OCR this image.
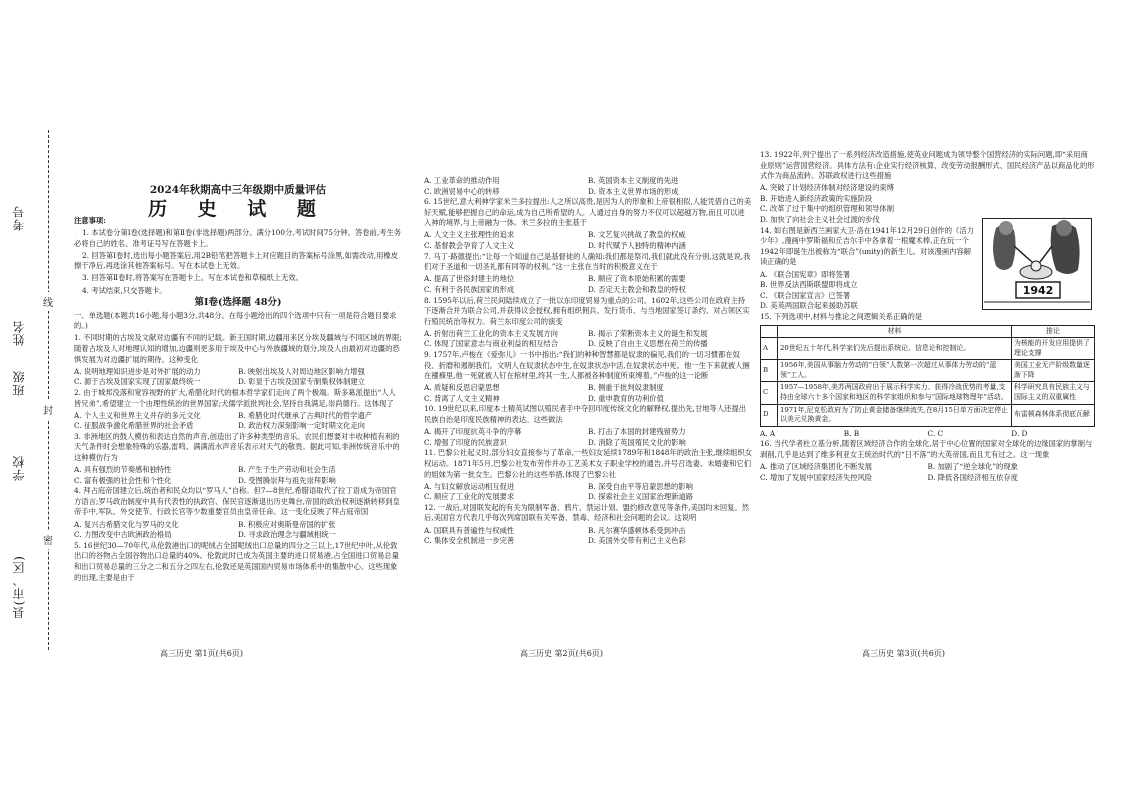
考号
姓名
班级
学校
县(市、区)
线
封
密
2024年秋期高中三年级期中质量评估
历 史 试 题

注意事项:

1. 本试卷分第Ⅰ卷(选择题)和第Ⅱ卷(非选择题)两部分。满分100分,考试时间75分钟。答卷前,考生务必将自己的姓名、准考证号写在答题卡上。

2. 回答第Ⅰ卷时,选出每小题答案后,用2B铅笔把答题卡上对应题目的答案标号涂黑,如需改动,用橡皮擦干净后,再选涂其他答案标号。写在本试卷上无效。

3. 回答第Ⅱ卷时,将答案写在答题卡上。写在本试卷和草稿纸上无效。

4. 考试结束,只交答题卡。

第Ⅰ卷(选择题 48分)

一、单选题(本题共16小题,每小题3分,共48分。在每小题给出的四个选项中只有一项是符合题目要求的。)

1. 不同时期的古埃及文献对边疆有不同的记载。新王国时期,边疆用来区分埃及疆域与不同区域的界限;随着古埃及人对地理认知的增加,边疆则更多用于埃及中心与外族疆域的划分,埃及人由最初对边疆的恐惧发展为对边疆扩展的期待。这种变化

A. 说明地理知识进步是对外扩展的动力	B. 映射出埃及人对周边地区影响力增强
C. 源于古埃及国家实现了国家最终统一	D. 彰显于古埃及国家专制集权体制建立

2. 由于城邦没落和宽容视野的扩大,希腊化时代的根本哲学家们走向了两个极端。斯多葛派提出“人人皆兄弟”,希望建立一个由理性统治的世界国家;犬儒学派批判社会,坚持自我满足,崇尚德行。这体现了

A. 个人主义和世界主义并存的多元文化	B. 希腊化时代继承了古典时代的哲学遗产
C. 征服战争激化希腊世界的社会矛盾	D. 政治权力深刻影响一定时期文化走向

3. 非洲地区的鼓人模仿和表达自然的声音,创造出了许多种类型的音乐。农民们想要对丰收种植有利的天气条件时会想象特殊的乐器,雷鸣、满满流水声音乐表示对天气的敬畏。据此可知,非洲传统音乐中的这种模仿行为

A. 具有强烈的节奏感和独特性	B. 产生于生产劳动和社会生活
C. 富有极强的社会性和个性化	D. 受图腾崇拜与祖先崇拜影响

4. 拜占庭帝国建立后,统治者和民众均以“罗马人”自称。但7—8世纪,希腊语取代了拉丁语成为帝国官方语言;罗马政治制度中具有代表性的执政官、保民官逐渐退出历史舞台,帝国的政治权利逐渐转移到皇帝手中,军队、外交使节、行政长官等少数重要官员由皇帝任命。这一变化反映了拜占庭帝国

A. 复兴古希腊文化与罗马的文化	B. 积极应对奥斯曼帝国的扩张
C. 力图改变中古欧洲政治格局	D. 寻求政治理念与疆域相统一

5. 16世纪30—70年代,从伦敦港出口的呢绒占全国呢绒出口总量的四分之三以上,17世纪中叶,从伦敦出口的谷物占全国谷物出口总量的40%。伦敦此时已成为英国主要的进口贸易港,占全国进口贸易总量和出口贸易总量的三分之二和五分之四左右,伦敦还是英国国内贸易市场体系中的集散中心。这些现象的出现,主要是由于

A. 工业革命的推动作用	B. 英国资本主义制度的先进
C. 欧洲贸易中心的转移	D. 资本主义世界市场的形成

6. 15世纪,意大利神学家米兰多拉提出:人之所以高贵,是因为人的形象和上帝很相似,人能凭借自己的美好天赋,能够把握自己的命运,成为自己所希望的人。人通过自身的努力不仅可以超越万物,而且可以进入神的境界,与上帝融为一体。米兰多拉的主张基于

A. 人文主义主张理性的追求	B. 文艺复兴挑战了教皇的权威
C. 基督教会孕育了人文主义	D. 时代赋予人独特的精神内涵

7. 马丁·路德提出:“让每一个知道自己是基督徒的人确知:我们都是祭司,我们就此没有分别,这就是说,我们对于圣道和一切圣礼都有同等的权利。”这一主张在当时的积极意义在于

A. 提高了世俗封建主的地位	B. 顺应了资本原始积累的需要
C. 有利于各民族国家的形成	D. 否定天主教会和教皇的特权

8. 1595年以后,荷兰民间陆续成立了一批以东印度贸易为重点的公司。1602年,这些公司在政府主持下逐渐合并为联合公司,并获得议会授权,拥有组织佣兵、发行货币、与当地国家签订条约、对占领区实行殖民统治等权力。荷兰东印度公司的演变

A. 折射出荷兰工业化的资本主义发展方向	B. 揭示了荣断资本主义的诞生和发展
C. 体现了国家意志与商业利益的相互结合	D. 反映了自由主义思想在荷兰的传播

9. 1757年,卢梭在《爱弥儿》一书中指出:“我们的种种智慧都是奴隶的偏见,我们的一切习惯都在奴役、折磨和遏制我们。文明人在奴隶状态中生,在奴隶状态中活,在奴隶状态中死。他一生下来就被人捆在襁褓里,他一死就被人钉在棺材里,终其一生,人都被各种制度所束缚着。”卢梭的这一论断

A. 质疑和反思启蒙思想	B. 侧重于批判奴隶制度
C. 背离了人文主义精神	D. 重申教育的功利价值

10. 19世纪以来,印度本土精英试图以殖民者手中夺回印度传统文化的解释权,提出先,甘地等人还提出民族自治是印度民族精神的表达。这些做法

A. 揭开了印度抗英斗争的序幕	B. 打击了本国的封建残留势力
C. 增强了印度的民族意识	D. 消除了英国殖民文化的影响

11. 巴黎公社起义时,部分妇女直接参与了革命,一些妇女延续1789年和1848年的政治主张,继续组织女权运动。1871年5月,巴黎公社发布劳作并办工艺美术女子职业学校的通告,并号召选妻、未婚妻和它们的姐妹为第一批女生。巴黎公社的这些举措,体现了巴黎公社

A. 与妇女解放运动相互促进	B. 深受自由平等启蒙思想的影响
C. 顺应了工业化的发展要求	D. 探索社会主义国家治理新道路

12. 一战后,对国联发起的有关为限制军备、鸦片、禁运计划、盟约修改意见等条件,美国均未回复。然后,美国官方代表几乎每次列席国联有关军备、禁毒、经济和社会问题的会议。这说明

A. 国联具有普遍性与权威性	B. 凡尔赛华盛顿体系受到冲击
C. 集体安全机制进一步完善	D. 美国外交带有利己主义色彩

13. 1922年,列宁提出了一系列经济改造措施,使英业问题成为领导整个国营经济的实际问题,即“采用商业原则”运营国营经济。具体方法有:企业实行经济核算、改变劳动报酬形式、国民经济产品以商品化的形式作为商品流转。苏联政权进行这些措施

A. 突破了计划经济体制对经济建设的束缚
B. 开始进入新经济政策的实施阶段
C. 改革了过于集中的组织管理和领导体制
D. 加快了向社会主义社会过渡的步伐

14. 如右图是新西兰画家大卫·洛在1941年12月29日创作的《活力少年》,漫画中罗斯福和丘吉尔手中各拿着一根魔术棒,正在玩一个1942年即诞生出被称为“联合”(unity)的新生儿。对该漫画内容解读正确的是

A. 《联合国宪章》即将签署
B. 世界反法西斯联盟即将成立
C. 《联合国家宣言》已签署
D. 美英两国联合起来援助苏联

15. 下列选项中,材料与推论之间逻辑关系正确的是

	材料	推论
A	20世纪五十年代,科学家们先后提出系统论、信息论和控制论。	为核能的开发应用提供了理论支撑
B	1956年,美国从事脑力劳动的“白领”人数第一次超过从事体力劳动的“蓝领”工人。	美国工业无产阶级数量逐渐下降
C	1957—1958年,美苏两国政府出于展示科学实力、获得冷战优势的考量,支持由全球六十多个国家和地区的科学家组织和参与“国际地球物理年”活动。	科学研究具有民族主义与国际主义的双重属性
D	1971年,尼克松政府为了防止黄金储备继续流失,在8月15日单方面决定停止以美元兑换黄金。	布雷顿森林体系彻底瓦解
A. A	B. B	C. C	D. D

16. 当代学者杜立基分析,随着区域经济合作的全球化,居于中心位置的国家对全球化的边缘国家的掌制与剥削,几乎是达到了维多利亚女王统治时代的“日不落”的大英帝国,而且尤有过之。这一现象

A. 推动了区域经济集团化不断发展	B. 加剧了“逆全球化”的现象
C. 增加了发展中国家经济失控风险	D. 降低各国经济相互依存度
1942
高三历史 第1页(共6页)	高三历史 第2页(共6页)	高三历史 第3页(共6页)
